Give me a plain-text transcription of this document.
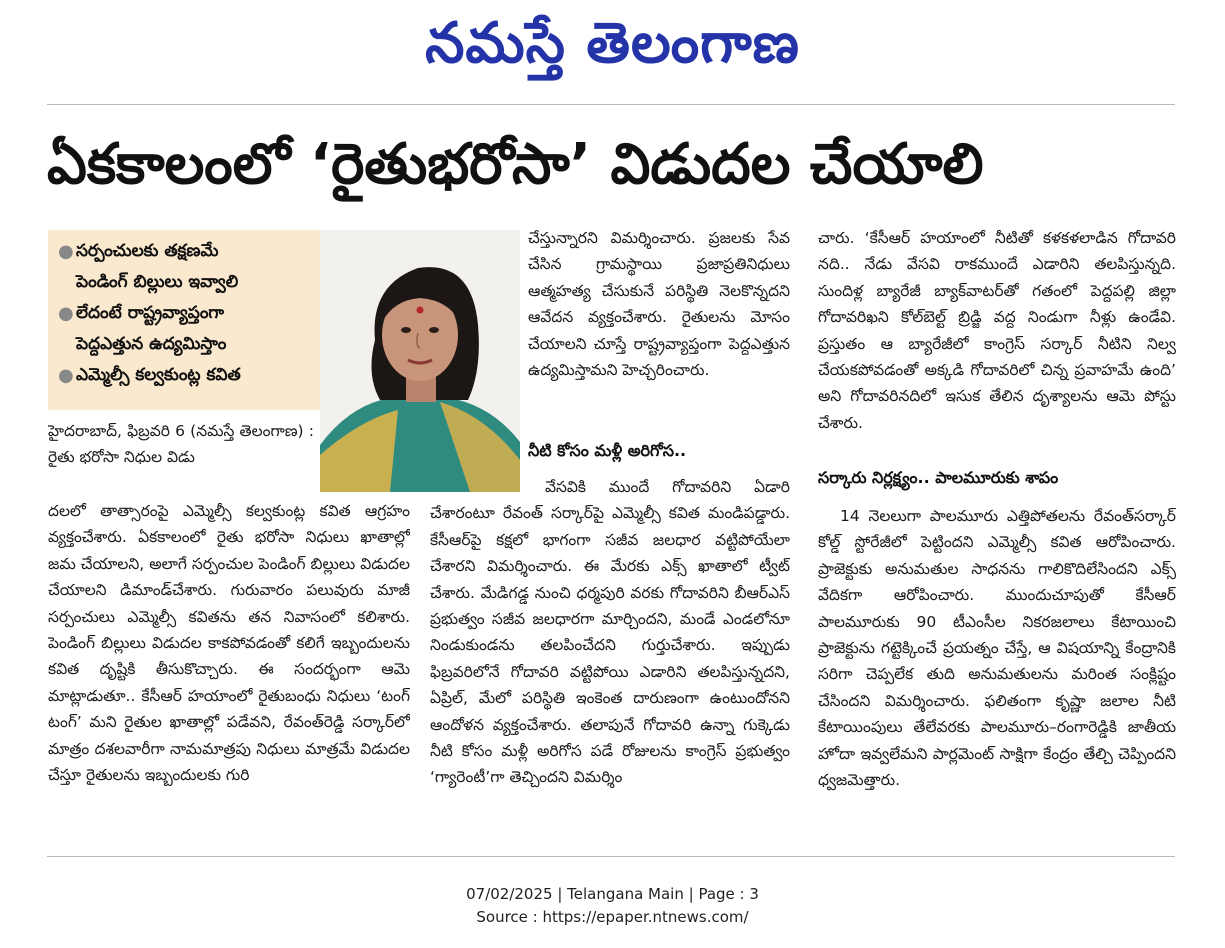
నమస్తే తెలంగాణ
ఏకకాలంలో ‘రైతుభరోసా’ విడుదల చేయాలి
● సర్పంచులకు తక్షణమే
పెండింగ్‌ బిల్లులు ఇవ్వాలి
● లేదంటే రాష్ట్రవ్యాప్తంగా
పెద్దఎత్తున ఉద్యమిస్తాం
● ఎమ్మెల్సీ కల్వకుంట్ల కవిత

హైదరాబాద్‌, ఫిబ్రవరి 6 (నమస్తే తెలంగాణ) : రైతు భరోసా నిధుల విడు

దలలో తాత్సారంపై ఎమ్మెల్సీ కల్వకుంట్ల కవిత ఆగ్రహం వ్యక్తంచేశారు. ఏకకాలంలో రైతు భరోసా నిధులు ఖాతాల్లో జమ చేయాలని, అలాగే సర్పంచుల పెండింగ్‌ బిల్లులు విడుదల చేయాలని డిమాండ్‌చేశారు. గురువారం పలువురు మాజీ సర్పంచులు ఎమ్మెల్సీ కవితను తన నివాసంలో కలిశారు. పెండింగ్‌ బిల్లులు విడుదల కాకపోవడంతో కలిగే ఇబ్బందులను కవిత దృష్టికి తీసుకొచ్చారు. ఈ సందర్భంగా ఆమె మాట్లాడుతూ.. కేసీఆర్‌ హయాంలో రైతుబంధు నిధులు ‘టంగ్‌ టంగ్‌’ మని రైతుల ఖాతాల్లో పడేవని, రేవంత్‌రెడ్డి సర్కార్‌లో మాత్రం దశలవారీగా నామమాత్రపు నిధులు మాత్రమే విడుదల చేస్తూ రైతులను ఇబ్బందులకు గురి

చేస్తున్నారని విమర్శించారు. ప్రజలకు సేవ చేసిన గ్రామస్థాయి ప్రజాప్రతినిధులు ఆత్మహత్య చేసుకునే పరిస్థితి నెలకొన్నదని ఆవేదన వ్యక్తంచేశారు. రైతులను మోసం చేయాలని చూస్తే రాష్ట్రవ్యాప్తంగా పెద్దఎత్తున ఉద్యమిస్తామని హెచ్చరించారు.

నీటి కోసం మళ్లీ అరిగోస..

వేసవికి ముందే గోదావరిని ఏడారి చేశారంటూ రేవంత్‌ సర్కార్‌పై ఎమ్మెల్సీ కవిత మండిపడ్డారు. కేసీఆర్‌పై కక్షలో భాగంగా సజీవ జలధార వట్టిపోయేలా చేశారని విమర్శించారు. ఈ మేరకు ఎక్స్‌ ఖాతాలో ట్వీట్‌ చేశారు. మేడిగడ్డ నుంచి ధర్మపురి వరకు గోదావరిని బీఆర్‌ఎస్‌ ప్రభుత్వం సజీవ జలధారగా మార్చిందని, మండే ఎండలోనూ నిండుకుండను తలపించేదని గుర్తుచేశారు. ఇప్పుడు ఫిబ్రవరిలోనే గోదావరి వట్టిపోయి ఎడారిని తలపిస్తున్నదని, ఏప్రిల్‌, మేలో పరిస్థితి ఇంకెంత దారుణంగా ఉంటుందోనని ఆందోళన వ్యక్తంచేశారు. తలాపునే గోదావరి ఉన్నా గుక్కెడు నీటి కోసం మళ్లీ అరిగోస పడే రోజులను కాంగ్రెస్‌ ప్రభుత్వం ‘గ్యారెంటీ’గా తెచ్చిందని విమర్శిం

చారు. ‘కేసీఆర్‌ హయాంలో నీటితో కళకళలాడిన గోదావరి నది.. నేడు వేసవి రాకముందే ఎడారిని తలపిస్తున్నది. సుందిళ్ల బ్యారేజీ బ్యాక్‌వాటర్‌తో గతంలో పెద్దపల్లి జిల్లా గోదావరిఖని కోల్‌బెల్ట్‌ బ్రిడ్జి వద్ద నిండుగా నీళ్లు ఉండేవి. ప్రస్తుతం ఆ బ్యారేజీలో కాంగ్రెస్‌ సర్కార్‌ నీటిని నిల్వ చేయకపోవడంతో అక్కడి గోదావరిలో చిన్న ప్రవాహమే ఉంది’ అని గోదావరినదిలో ఇసుక తేలిన దృశ్యాలను ఆమె పోస్టు చేశారు.

సర్కారు నిర్లక్ష్యం.. పాలమూరుకు శాపం

14 నెలలుగా పాలమూరు ఎత్తిపోతలను రేవంత్‌సర్కార్‌ కోల్డ్‌ స్టోరేజీలో పెట్టిందని ఎమ్మెల్సీ కవిత ఆరోపించారు. ప్రాజెక్టుకు అనుమతుల సాధనను గాలికొదిలేసిందని ఎక్స్‌ వేదికగా ఆరోపించారు. ముందుచూపుతో కేసీఆర్‌ పాలమూరుకు 90 టీఎంసీల నికరజలాలు కేటాయించి ప్రాజెక్టును గట్టెక్కించే ప్రయత్నం చేస్తే, ఆ విషయాన్ని కేంద్రానికి సరిగా చెప్పలేక తుది అనుమతులను మరింత సంక్లిష్టం చేసిందని విమర్శించారు. ఫలితంగా కృష్ణా జలాల నీటి కేటాయింపులు తేలేవరకు పాలమూరు–రంగారెడ్డికి జాతీయ హోదా ఇవ్వలేమని పార్లమెంట్‌ సాక్షిగా కేంద్రం తేల్చి చెప్పిందని ధ్వజమెత్తారు.

07/02/2025 | Telangana Main | Page : 3
Source : https://epaper.ntnews.com/
